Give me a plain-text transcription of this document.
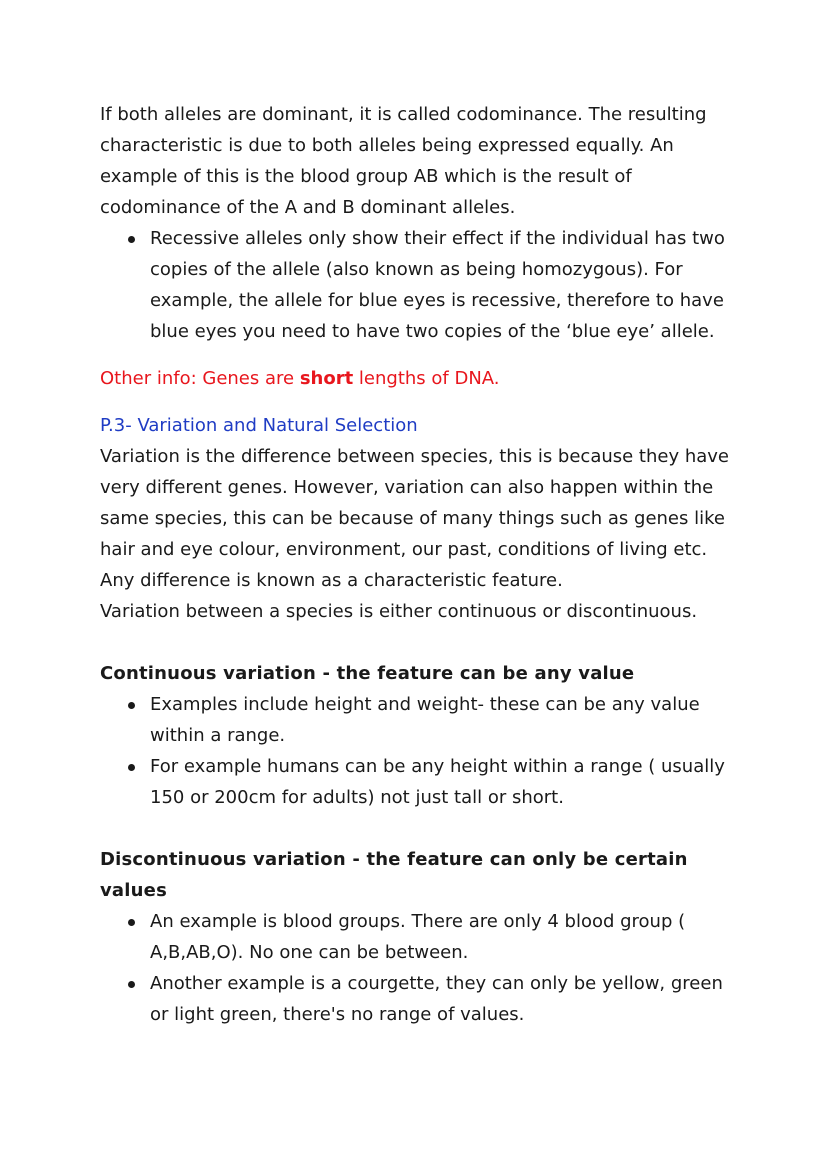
If both alleles are dominant, it is called codominance. The resulting characteristic is due to both alleles being expressed equally. An example of this is the blood group AB which is the result of codominance of the A and B dominant alleles.

Recessive alleles only show their effect if the individual has two copies of the allele (also known as being homozygous). For example, the allele for blue eyes is recessive, therefore to have blue eyes you need to have two copies of the ‘blue eye’ allele.

Other info: Genes are short lengths of DNA.

P.3- Variation and Natural Selection

Variation is the difference between species, this is because they have very different genes. However, variation can also happen within the same species, this can be because of many things such as genes like hair and eye colour, environment, our past, conditions of living etc. Any difference is known as a characteristic feature.

Variation between a species is either continuous or discontinuous.

Continuous variation - the feature can be any value

Examples include height and weight- these can be any value within a range.
For example humans can be any height within a range ( usually 150 or 200cm for adults) not just tall or short.

Discontinuous variation - the feature can only be certain values

An example is blood groups. There are only 4 blood group ( A,B,AB,O). No one can be between.
Another example is a courgette, they can only be yellow, green or light green, there's no range of values.
